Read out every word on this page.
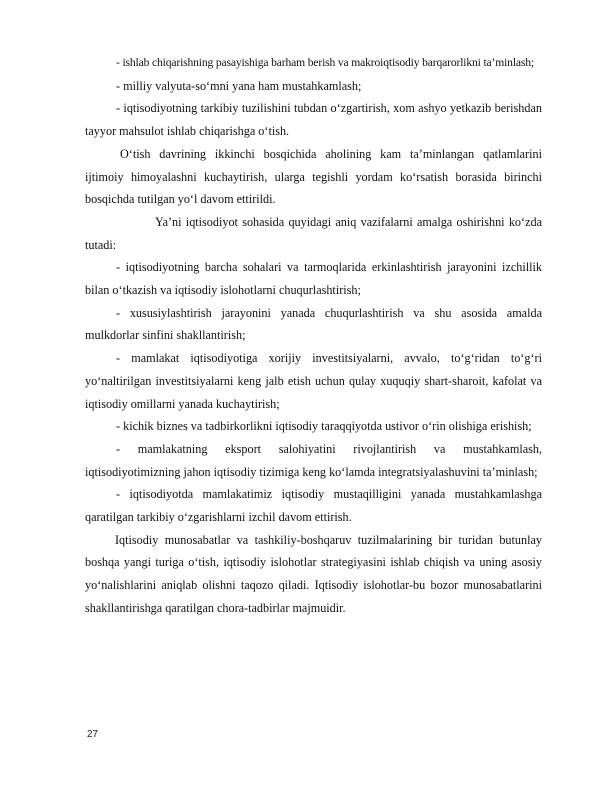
- ishlab chiqarishning pasayishiga barham berish va makroiqtisodiy barqarorlikni ta’minlash;

- milliy valyuta-so‘mni yana ham mustahkamlash;

- iqtisodiyotning tarkibiy tuzilishini tubdan o‘zgartirish, xom ashyo yetkazib berishdan tayyor mahsulot ishlab chiqarishga o‘tish.

O‘tish davrining ikkinchi bosqichida aholining kam ta’minlangan qatlamlarini ijtimoiy himoyalashni kuchaytirish, ularga tegishli yordam ko‘rsatish borasida birinchi bosqichda tutilgan yo‘l davom ettirildi.

Ya’ni iqtisodiyot sohasida quyidagi aniq vazifalarni amalga oshirishni ko‘zda tutadi:

- iqtisodiyotning barcha sohalari va tarmoqlarida erkinlashtirish jarayonini izchillik bilan o‘tkazish va iqtisodiy islohotlarni chuqurlashtirish;

- xususiylashtirish jarayonini yanada chuqurlashtirish va shu asosida amalda mulkdorlar sinfini shakllantirish;

- mamlakat iqtisodiyotiga xorijiy investitsiyalarni, avvalo, to‘g‘ridan to‘g‘ri yo‘naltirilgan investitsiyalarni keng jalb etish uchun qulay xuquqiy shart-sharoit, kafolat va iqtisodiy omillarni yanada kuchaytirish;

- kichik biznes va tadbirkorlikni iqtisodiy taraqqiyotda ustivor o‘rin olishiga erishish;

- mamlakatning eksport salohiyatini rivojlantirish va mustahkamlash, iqtisodiyotimizning jahon iqtisodiy tizimiga keng ko‘lamda integratsiyalashuvini ta’minlash;

- iqtisodiyotda mamlakatimiz iqtisodiy mustaqilligini yanada mustahkamlashga qaratilgan tarkibiy o‘zgarishlarni izchil davom ettirish.

Iqtisodiy munosabatlar va tashkiliy-boshqaruv tuzilmalarining bir turidan butunlay boshqa yangi turiga o‘tish, iqtisodiy islohotlar strategiyasini ishlab chiqish va uning asosiy yo‘nalishlarini aniqlab olishni taqozo qiladi. Iqtisodiy islohotlar-bu bozor munosabatlarini shakllantirishga qaratilgan chora-tadbirlar majmuidir.

27
